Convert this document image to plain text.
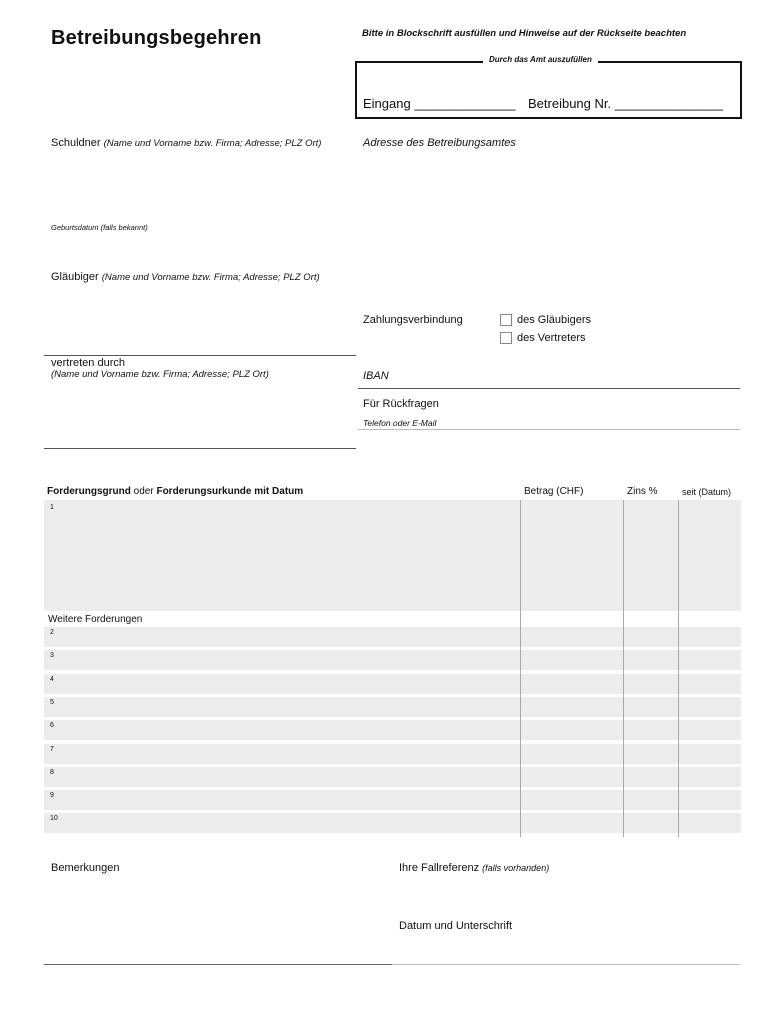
Betreibungsbegehren	Bitte in Blockschrift ausfüllen und Hinweise auf der Rückseite beachten
Durch das Amt auszufüllen
Eingang ______________ Betreibung Nr. _______________
Schuldner (Name und Vorname bzw. Firma; Adresse; PLZ Ort)
Geburtsdatum (falls bekannt)
Adresse des Betreibungsamtes
Gläubiger (Name und Vorname bzw. Firma; Adresse; PLZ Ort)
Zahlungsverbindung	des Gläubigers
des Vertreters
vertreten durch
(Name und Vorname bzw. Firma; Adresse; PLZ Ort)	IBAN
Für Rückfragen
Telefon oder E-Mail
Forderungsgrund oder Forderungsurkunde mit Datum	Betrag (CHF)	Zins %	seit (Datum)
1
Weitere Forderungen
2
3
4
5
6
7
8
9
10
Bemerkungen	Ihre Fallreferenz (falls vorhanden)
Datum und Unterschrift
